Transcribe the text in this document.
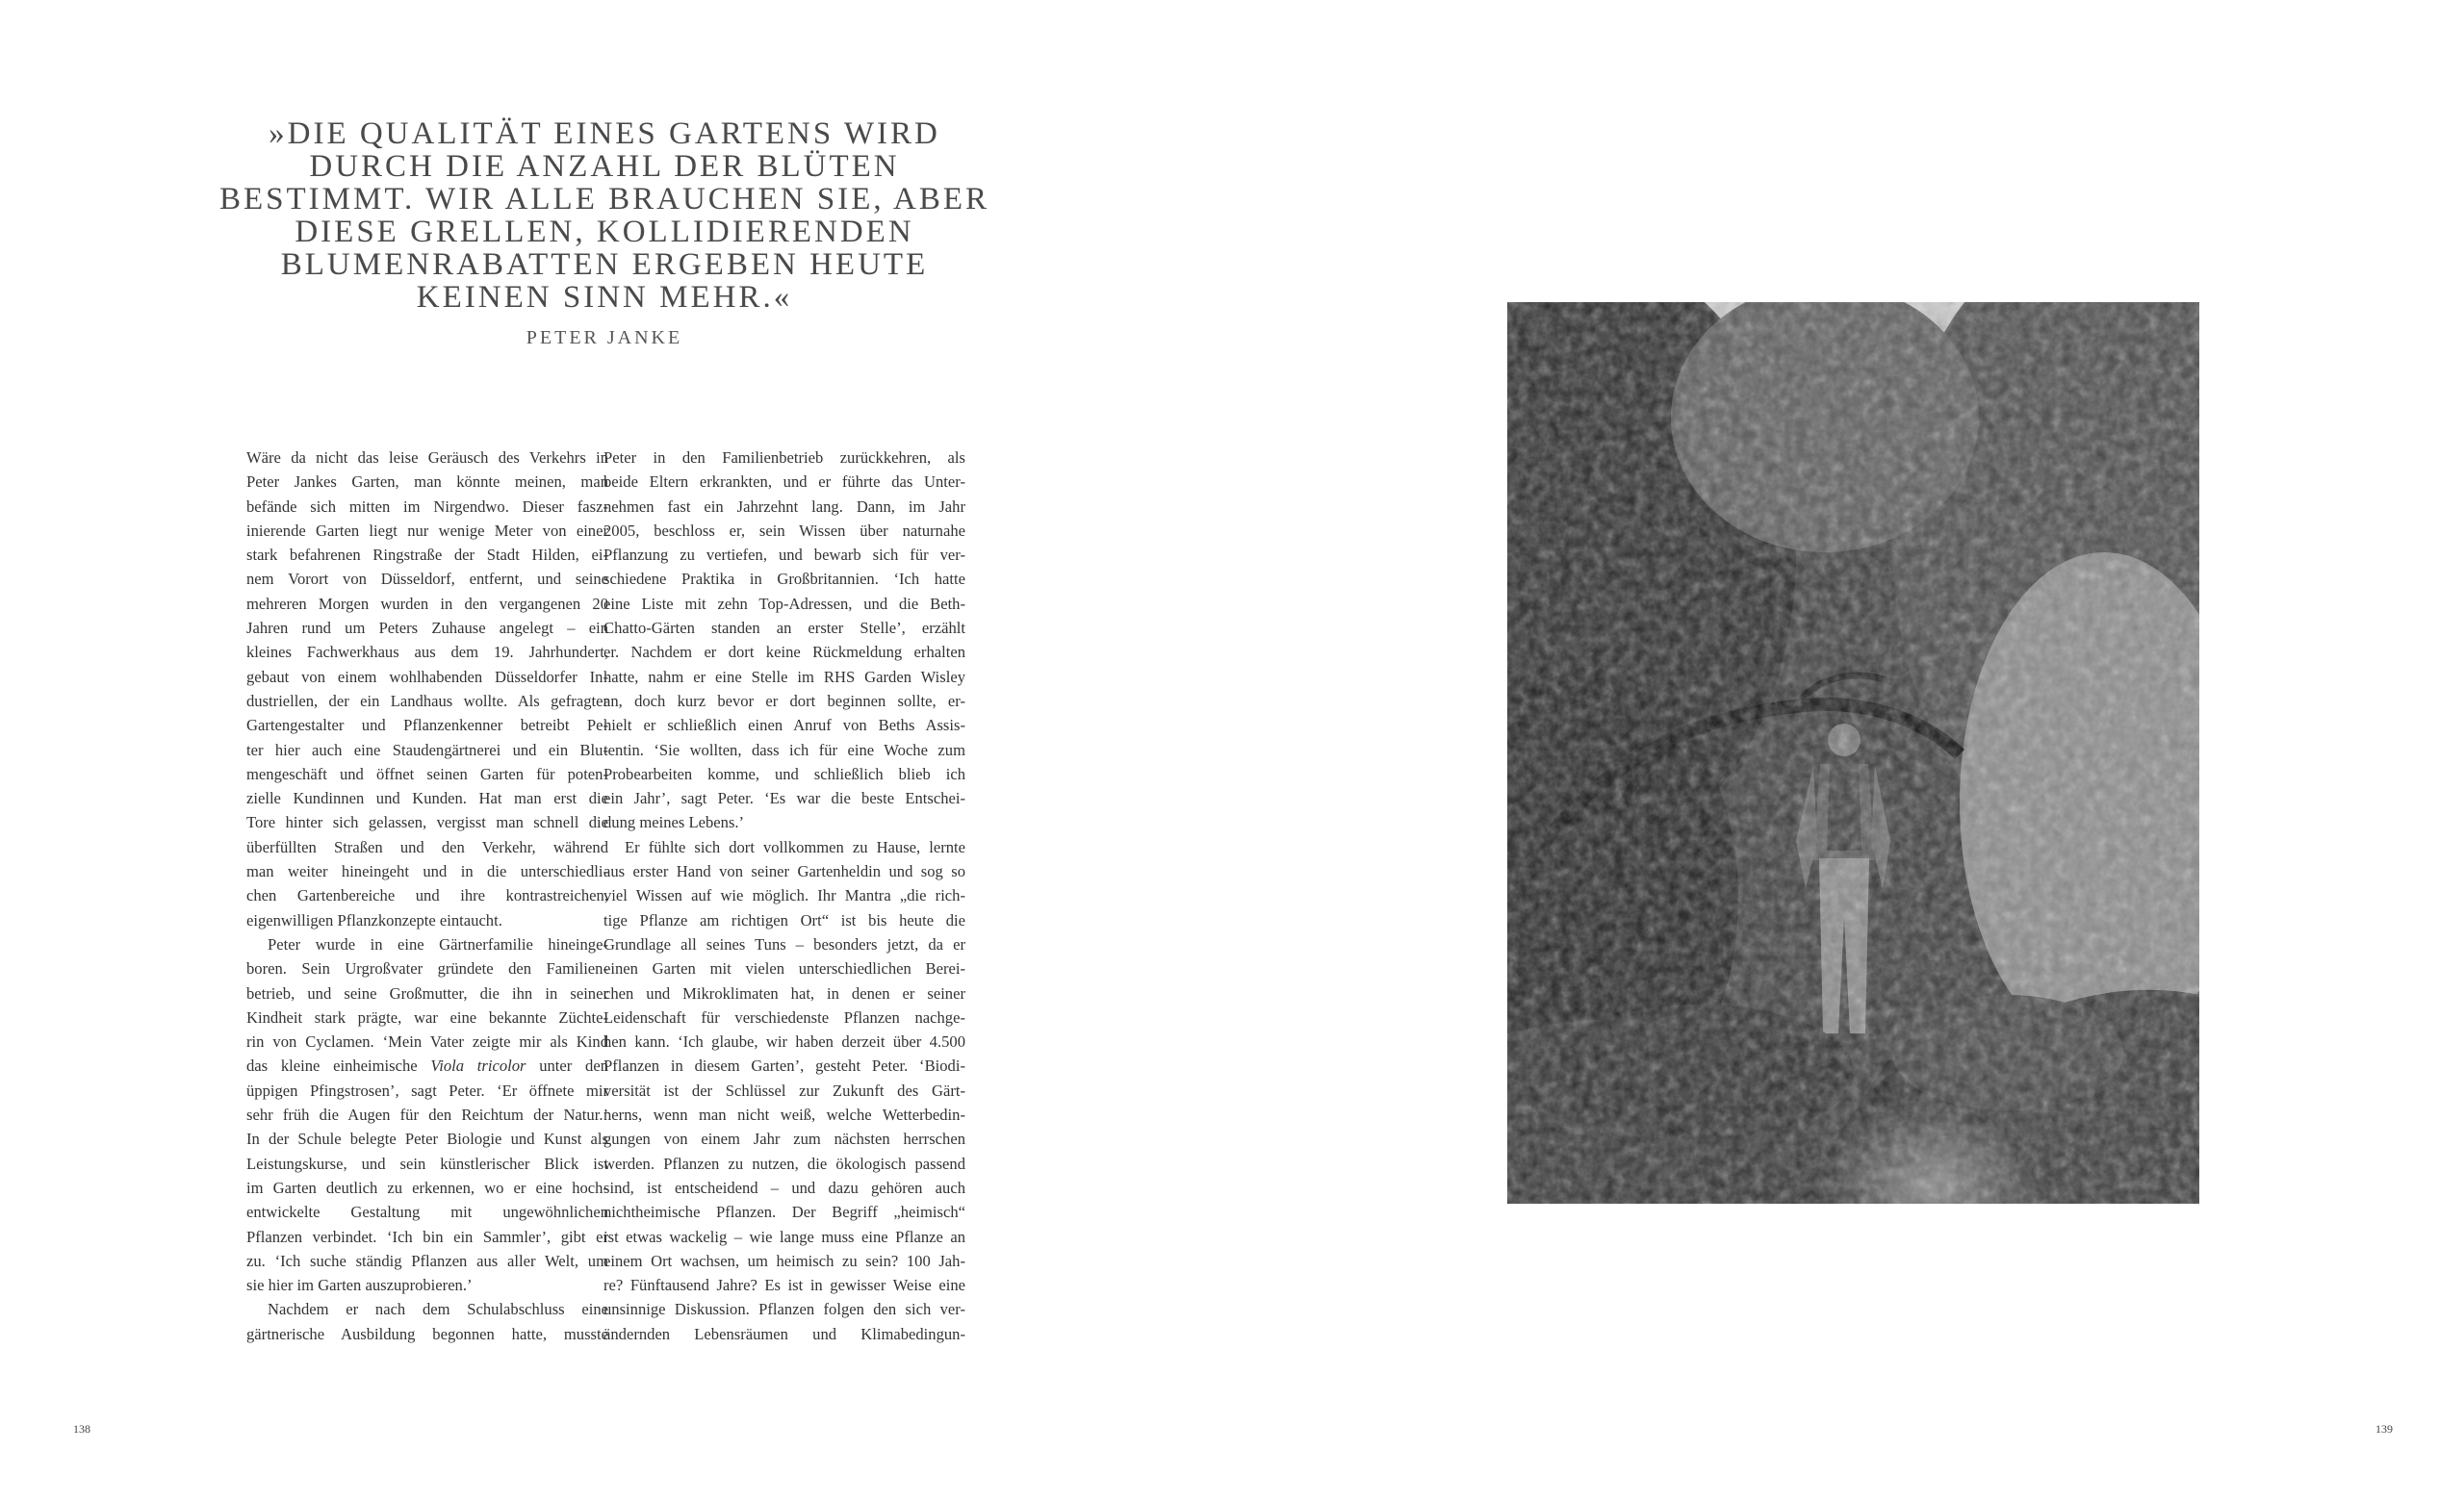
»DIE QUALITÄT EINES GARTENS WIRD
DURCH DIE ANZAHL DER BLÜTEN
BESTIMMT. WIR ALLE BRAUCHEN SIE, ABER
DIESE GRELLEN, KOLLIDIERENDEN
BLUMENRABATTEN ERGEBEN HEUTE
KEINEN SINN MEHR.«
PETER JANKE
Wäre da nicht das leise Geräusch des Verkehrs in
Peter Jankes Garten, man könnte meinen, man
befände sich mitten im Nirgendwo. Dieser fasz-
inierende Garten liegt nur wenige Meter von einer
stark befahrenen Ringstraße der Stadt Hilden, ei-
nem Vorort von Düsseldorf, entfernt, und seine
mehreren Morgen wurden in den vergangenen 20
Jahren rund um Peters Zuhause angelegt – ein
kleines Fachwerkhaus aus dem 19. Jahrhundert,
gebaut von einem wohlhabenden Düsseldorfer In-
dustriellen, der ein Landhaus wollte. Als gefragter
Gartengestalter und Pflanzenkenner betreibt Pe-
ter hier auch eine Staudengärtnerei und ein Blu-
mengeschäft und öffnet seinen Garten für poten-
zielle Kundinnen und Kunden. Hat man erst die
Tore hinter sich gelassen, vergisst man schnell die
überfüllten Straßen und den Verkehr, während
man weiter hineingeht und in die unterschiedli-
chen Gartenbereiche und ihre kontrastreichen,
eigenwilligen Pflanzkonzepte eintaucht.
Peter wurde in eine Gärtnerfamilie hineinge-
boren. Sein Urgroßvater gründete den Familien-
betrieb, und seine Großmutter, die ihn in seiner
Kindheit stark prägte, war eine bekannte Züchte-
rin von Cyclamen. ‘Mein Vater zeigte mir als Kind
das kleine einheimische Viola tricolor unter den
üppigen Pfingstrosen’, sagt Peter. ‘Er öffnete mir
sehr früh die Augen für den Reichtum der Natur.’
In der Schule belegte Peter Biologie und Kunst als
Leistungskurse, und sein künstlerischer Blick ist
im Garten deutlich zu erkennen, wo er eine hoch-
entwickelte Gestaltung mit ungewöhnlichen
Pflanzen verbindet. ‘Ich bin ein Sammler’, gibt er
zu. ‘Ich suche ständig Pflanzen aus aller Welt, um
sie hier im Garten auszuprobieren.’
Nachdem er nach dem Schulabschluss eine
gärtnerische Ausbildung begonnen hatte, musste
Peter in den Familienbetrieb zurückkehren, als
beide Eltern erkrankten, und er führte das Unter-
nehmen fast ein Jahrzehnt lang. Dann, im Jahr
2005, beschloss er, sein Wissen über naturnahe
Pflanzung zu vertiefen, und bewarb sich für ver-
schiedene Praktika in Großbritannien. ‘Ich hatte
eine Liste mit zehn Top-Adressen, und die Beth-
Chatto-Gärten standen an erster Stelle’, erzählt
er. Nachdem er dort keine Rückmeldung erhalten
hatte, nahm er eine Stelle im RHS Garden Wisley
an, doch kurz bevor er dort beginnen sollte, er-
hielt er schließlich einen Anruf von Beths Assis-
tentin. ‘Sie wollten, dass ich für eine Woche zum
Probearbeiten komme, und schließlich blieb ich
ein Jahr’, sagt Peter. ‘Es war die beste Entschei-
dung meines Lebens.’
Er fühlte sich dort vollkommen zu Hause, lernte
aus erster Hand von seiner Gartenheldin und sog so
viel Wissen auf wie möglich. Ihr Mantra „die rich-
tige Pflanze am richtigen Ort“ ist bis heute die
Grundlage all seines Tuns – besonders jetzt, da er
einen Garten mit vielen unterschiedlichen Berei-
chen und Mikroklimaten hat, in denen er seiner
Leidenschaft für verschiedenste Pflanzen nachge-
hen kann. ‘Ich glaube, wir haben derzeit über 4.500
Pflanzen in diesem Garten’, gesteht Peter. ‘Biodi-
versität ist der Schlüssel zur Zukunft des Gärt-
nerns, wenn man nicht weiß, welche Wetterbedin-
gungen von einem Jahr zum nächsten herrschen
werden. Pflanzen zu nutzen, die ökologisch passend
sind, ist entscheidend – und dazu gehören auch
nichtheimische Pflanzen. Der Begriff „heimisch“
ist etwas wackelig – wie lange muss eine Pflanze an
einem Ort wachsen, um heimisch zu sein? 100 Jah-
re? Fünftausend Jahre? Es ist in gewisser Weise eine
unsinnige Diskussion. Pflanzen folgen den sich ver-
ändernden Lebensräumen und Klimabedingun-
138	139
